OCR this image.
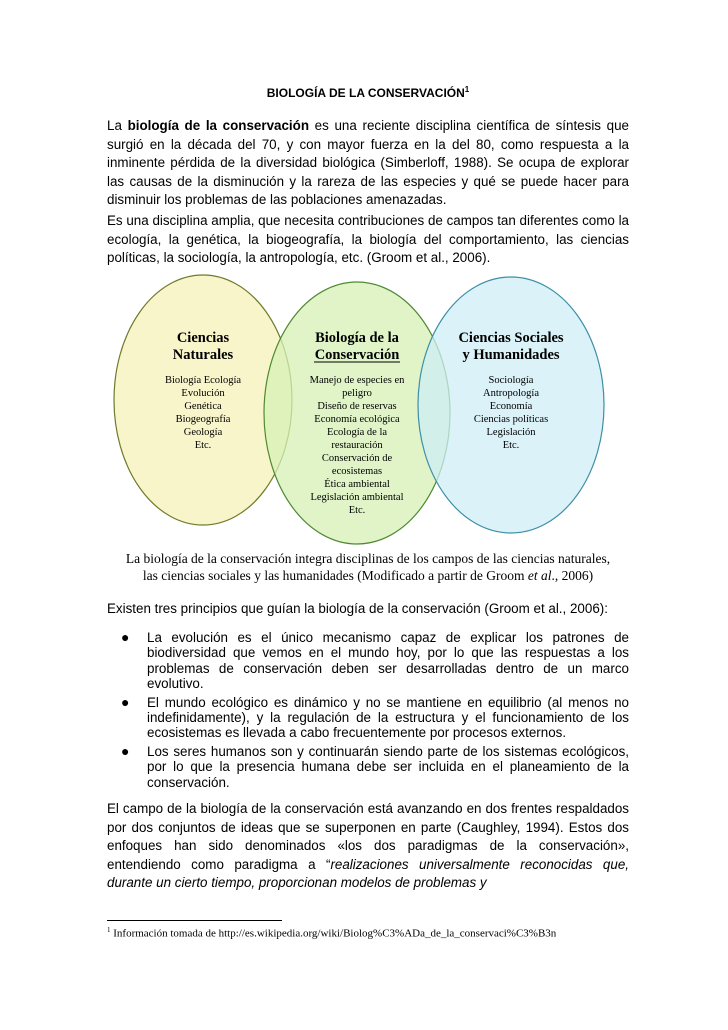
BIOLOGÍA DE LA CONSERVACIÓN$^1$

La biología de la conservación es una reciente disciplina científica de síntesis que surgió en la década del 70, y con mayor fuerza en la del 80, como respuesta a la inminente pérdida de la diversidad biológica (Simberloff, 1988). Se ocupa de explorar las causas de la disminución y la rareza de las especies y qué se puede hacer para disminuir los problemas de las poblaciones amenazadas.

Es una disciplina amplia, que necesita contribuciones de campos tan diferentes como la ecología, la genética, la biogeografía, la biología del comportamiento, las ciencias políticas, la sociología, la antropología, etc. (Groom et al., 2006).

Ciencias
Naturales
Biología Ecología
Evolución
Genética
Biogeografía
Geología
Etc.
Biología de la
Conservación
Manejo de especies en
peligro
Diseño de reservas
Economía ecológica
Ecología de la
restauración
Conservación de
ecosistemas
Ética ambiental
Legislación ambiental
Etc.
Ciencias Sociales
y Humanidades
Sociología
Antropología
Economía
Ciencias políticas
Legislación
Etc.
La biología de la conservación integra disciplinas de los campos de las ciencias naturales,
las ciencias sociales y las humanidades (Modificado a partir de Groom et al., 2006)

Existen tres principios que guían la biología de la conservación (Groom et al., 2006):

● La evolución es el único mecanismo capaz de explicar los patrones de biodiversidad que vemos en el mundo hoy, por lo que las respuestas a los problemas de conservación deben ser desarrolladas dentro de un marco evolutivo.
● El mundo ecológico es dinámico y no se mantiene en equilibrio (al menos no indefinidamente), y la regulación de la estructura y el funcionamiento de los ecosistemas es llevada a cabo frecuentemente por procesos externos.
● Los seres humanos son y continuarán siendo parte de los sistemas ecológicos, por lo que la presencia humana debe ser incluida en el planeamiento de la conservación.

El campo de la biología de la conservación está avanzando en dos frentes respaldados por dos conjuntos de ideas que se superponen en parte (Caughley, 1994). Estos dos enfoques han sido denominados «los dos paradigmas de la conservación», entendiendo como paradigma a “realizaciones universalmente reconocidas que, durante un cierto tiempo, proporcionan modelos de problemas y

$^1$ Información tomada de http://es.wikipedia.org/wiki/Biolog%C3%ADa_de_la_conservaci%C3%B3n
